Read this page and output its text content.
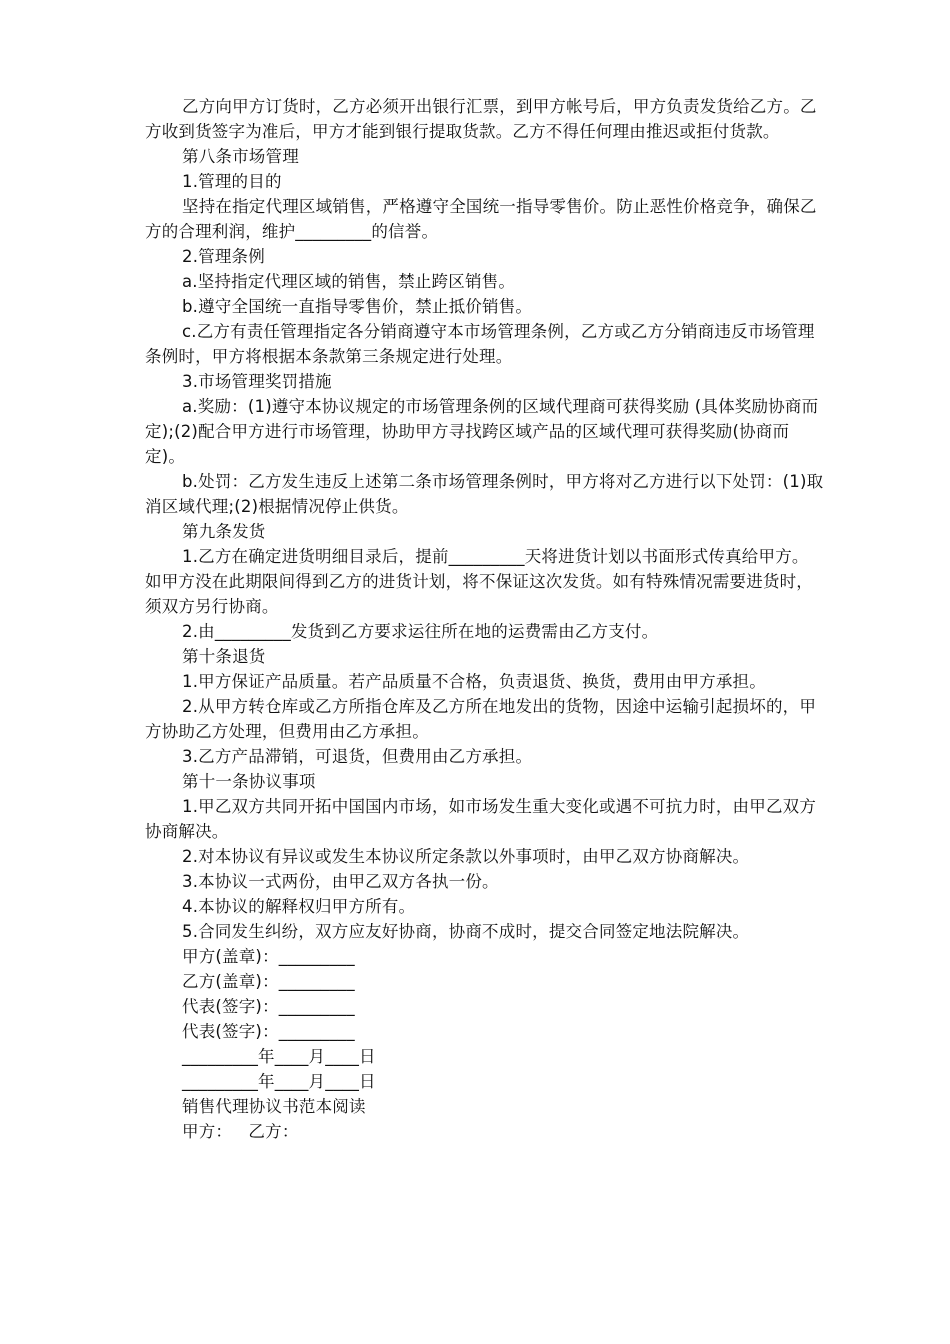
乙方向甲方订货时，乙方必须开出银行汇票，到甲方帐号后，甲方负责发货给乙方。乙方收到货签字为准后，甲方才能到银行提取货款。乙方不得任何理由推迟或拒付货款。

第八条市场管理

1.管理的目的

坚持在指定代理区域销售，严格遵守全国统一指导零售价。防止恶性价格竞争，确保乙方的合理利润，维护_________的信誉。

2.管理条例

a.坚持指定代理区域的销售，禁止跨区销售。

b.遵守全国统一直指导零售价，禁止抵价销售。

c.乙方有责任管理指定各分销商遵守本市场管理条例，乙方或乙方分销商违反市场管理条例时，甲方将根据本条款第三条规定进行处理。

3.市场管理奖罚措施

a.奖励：(1)遵守本协议规定的市场管理条例的区域代理商可获得奖励 (具体奖励协商而定);(2)配合甲方进行市场管理，协助甲方寻找跨区域产品的区域代理可获得奖励(协商而定)。

b.处罚：乙方发生违反上述第二条市场管理条例时，甲方将对乙方进行以下处罚：(1)取消区域代理;(2)根据情况停止供货。

第九条发货

1.乙方在确定进货明细目录后，提前_________天将进货计划以书面形式传真给甲方。如甲方没在此期限间得到乙方的进货计划，将不保证这次发货。如有特殊情况需要进货时，须双方另行协商。

2.由_________发货到乙方要求运往所在地的运费需由乙方支付。

第十条退货

1.甲方保证产品质量。若产品质量不合格，负责退货、换货，费用由甲方承担。

2.从甲方转仓库或乙方所指仓库及乙方所在地发出的货物，因途中运输引起损坏的，甲方协助乙方处理，但费用由乙方承担。

3.乙方产品滞销，可退货，但费用由乙方承担。

第十一条协议事项

1.甲乙双方共同开拓中国国内市场，如市场发生重大变化或遇不可抗力时，由甲乙双方协商解决。

2.对本协议有异议或发生本协议所定条款以外事项时，由甲乙双方协商解决。

3.本协议一式两份，由甲乙双方各执一份。

4.本协议的解释权归甲方所有。

5.合同发生纠纷，双方应友好协商，协商不成时，提交合同签定地法院解决。

甲方(盖章)：_________

乙方(盖章)：_________

代表(签字)：_________

代表(签字)：_________

_________年____月____日

_________年____月____日

销售代理协议书范本阅读

甲方：   乙方：
